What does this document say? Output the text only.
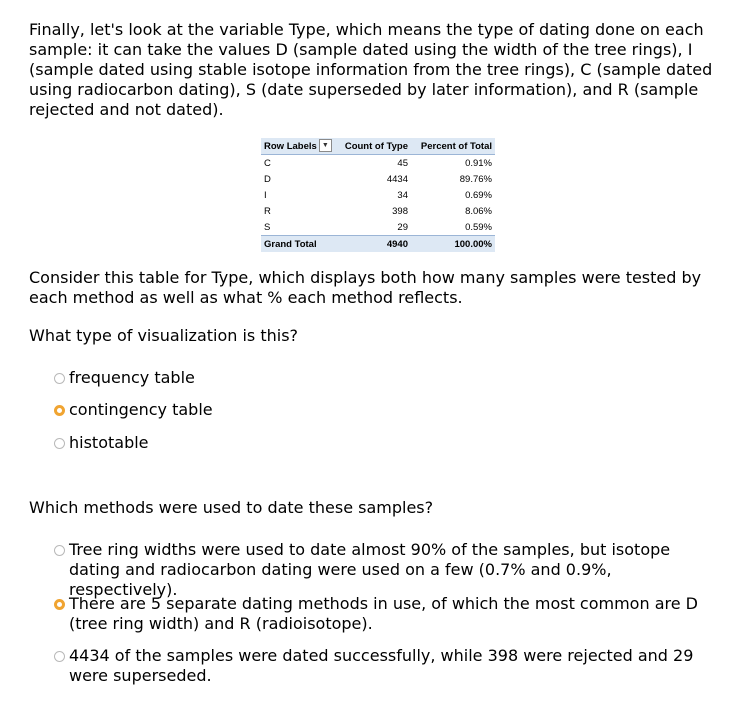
Finally, let's look at the variable Type, which means the type of dating done on each sample: it can take the values D (sample dated using the width of the tree rings), I (sample dated using stable isotope information from the tree rings), C (sample dated using radiocarbon dating), S (date superseded by later information), and R (sample rejected and not dated).

Row Labels ▼	Count of Type	Percent of Total
C	45	0.91%
D	4434	89.76%
I	34	0.69%
R	398	8.06%
S	29	0.59%
Grand Total	4940	100.00%

Consider this table for Type, which displays both how many samples were tested by each method as well as what % each method reflects.

What type of visualization is this?

frequency table
contingency table
histotable

Which methods were used to date these samples?

Tree ring widths were used to date almost 90% of the samples, but isotope dating and radiocarbon dating were used on a few (0.7% and 0.9%, respectively).
There are 5 separate dating methods in use, of which the most common are D (tree ring width) and R (radioisotope).
4434 of the samples were dated successfully, while 398 were rejected and 29 were superseded.
